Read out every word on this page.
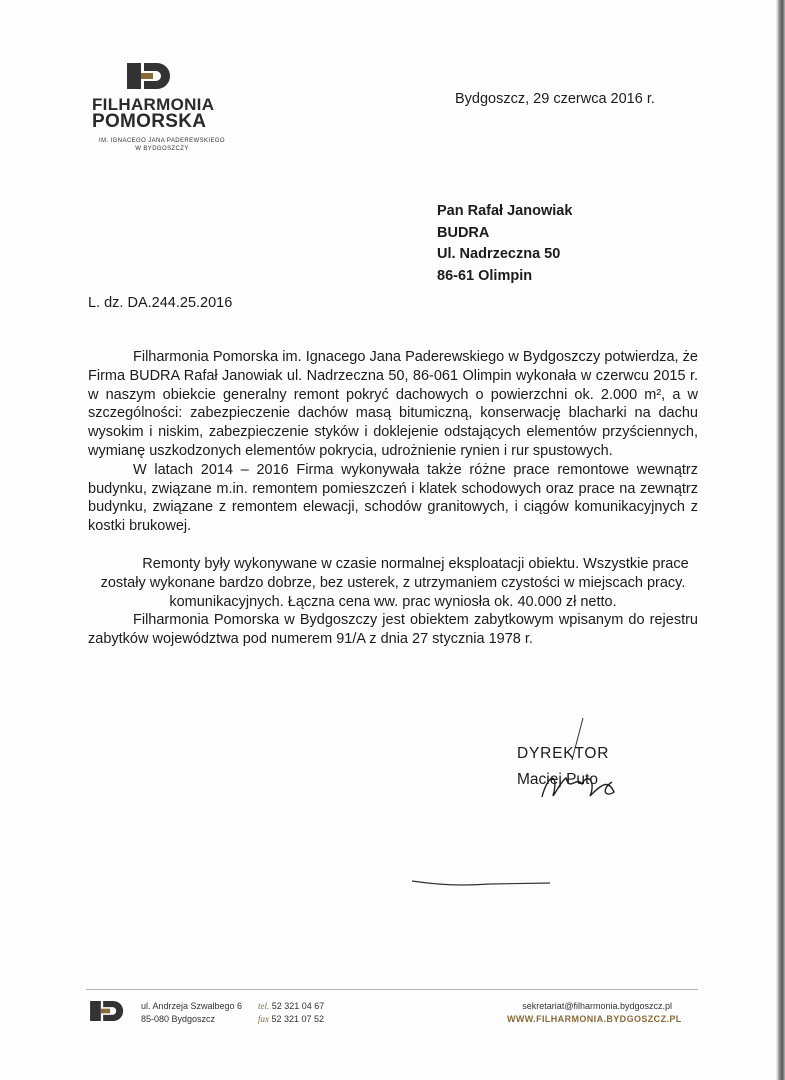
FILHARMONIA
POMORSKA
IM. IGNACEGO JANA PADEREWSKIEGO
W BYDGOSZCZY
Bydgoszcz, 29 czerwca 2016 r.
Pan Rafał Janowiak
BUDRA
Ul. Nadrzeczna 50
86-61 Olimpin
L. dz. DA.244.25.2016

Filharmonia Pomorska im. Ignacego Jana Paderewskiego w Bydgoszczy potwierdza, że Firma BUDRA Rafał Janowiak ul. Nadrzeczna 50, 86-061 Olimpin wykonała w czerwcu 2015 r. w naszym obiekcie generalny remont pokryć dachowych o powierzchni ok. 2.000 m², a w szczególności: zabezpieczenie dachów masą bitumiczną, konserwację blacharki na dachu wysokim i niskim, zabezpieczenie styków i doklejenie odstających elementów przyściennych, wymianę uszkodzonych elementów pokrycia, udrożnienie rynien i rur spustowych.

W latach 2014 – 2016 Firma wykonywała także różne prace remontowe wewnątrz budynku, związane m.in. remontem pomieszczeń i klatek schodowych oraz prace na zewnątrz budynku, związane z remontem elewacji, schodów granitowych, i ciągów komunikacyjnych z kostki brukowej.

Remonty były wykonywane w czasie normalnej eksploatacji obiektu. Wszystkie prace zostały wykonane bardzo dobrze, bez usterek, z utrzymaniem czystości w miejscach pracy. komunikacyjnych. Łączna cena ww. prac wyniosła ok. 40.000 zł netto.

Filharmonia Pomorska w Bydgoszczy jest obiektem zabytkowym wpisanym do rejestru zabytków województwa pod numerem 91/A z dnia 27 stycznia 1978 r.

DYREKTOR
Maciej Puto
ul. Andrzeja Szwalbego 6
85-080 Bydgoszcz
tel. 52 321 04 67
fax 52 321 07 52
sekretariat@filharmonia.bydgoszcz.pl
WWW.FILHARMONIA.BYDGOSZCZ.PL
